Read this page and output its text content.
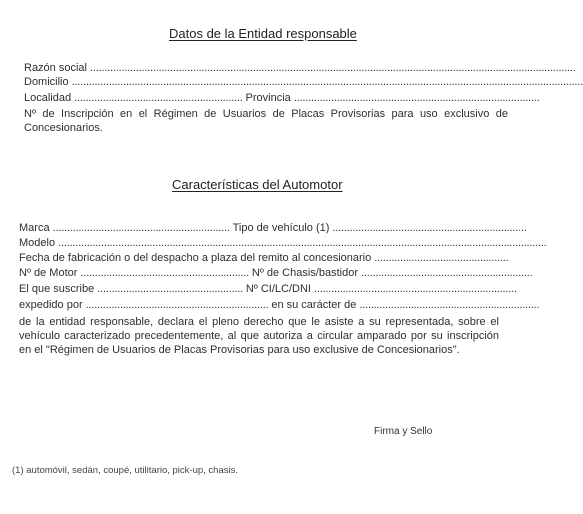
Datos de la Entidad responsable
Razón social ..........................................................................................................................................................................
Domicilio ...................................................................................................................................................................................
Localidad ........................................................... Provincia ......................................................................................
Nº de Inscripción en el Régimen de Usuarios de Placas Provisorias para uso exclusivo de Concesionarios.
Características del Automotor
Marca .............................................................. Tipo de vehículo (1) ....................................................................
Modelo ...........................................................................................................................................................................
Fecha de fabricación o del despacho a plaza del remito al concesionario ...............................................
Nº de Motor ........................................................... Nº de Chasis/bastidor ............................................................
El que suscribe ................................................... Nº CI/LC/DNI .......................................................................
expedido por ................................................................ en su carácter de ...............................................................
de la entidad responsable, declara el pleno derecho que le asiste a su representada, sobre el vehículo caracterizado precedentemente, al que autoriza a circular amparado por su inscripción en el "Régimen de Usuarios de Placas Provisorias para uso exclusive de Concesionarios".
Firma y Sello
(1) automóvil, sedán, coupé, utilitario, pick-up, chasis.
